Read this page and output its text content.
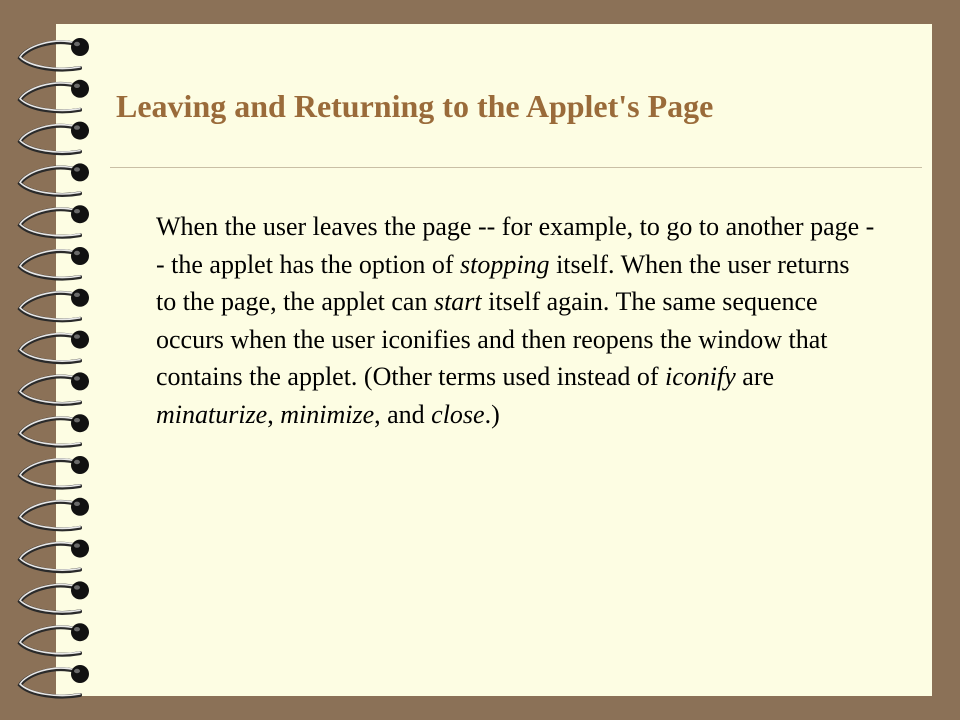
Leaving and Returning to the Applet's Page

When the user leaves the page -- for example, to go to another page -- the applet has the option of stopping itself. When the user returns to the page, the applet can start itself again. The same sequence occurs when the user iconifies and then reopens the window that contains the applet. (Other terms used instead of iconify are minaturize, minimize, and close.)
